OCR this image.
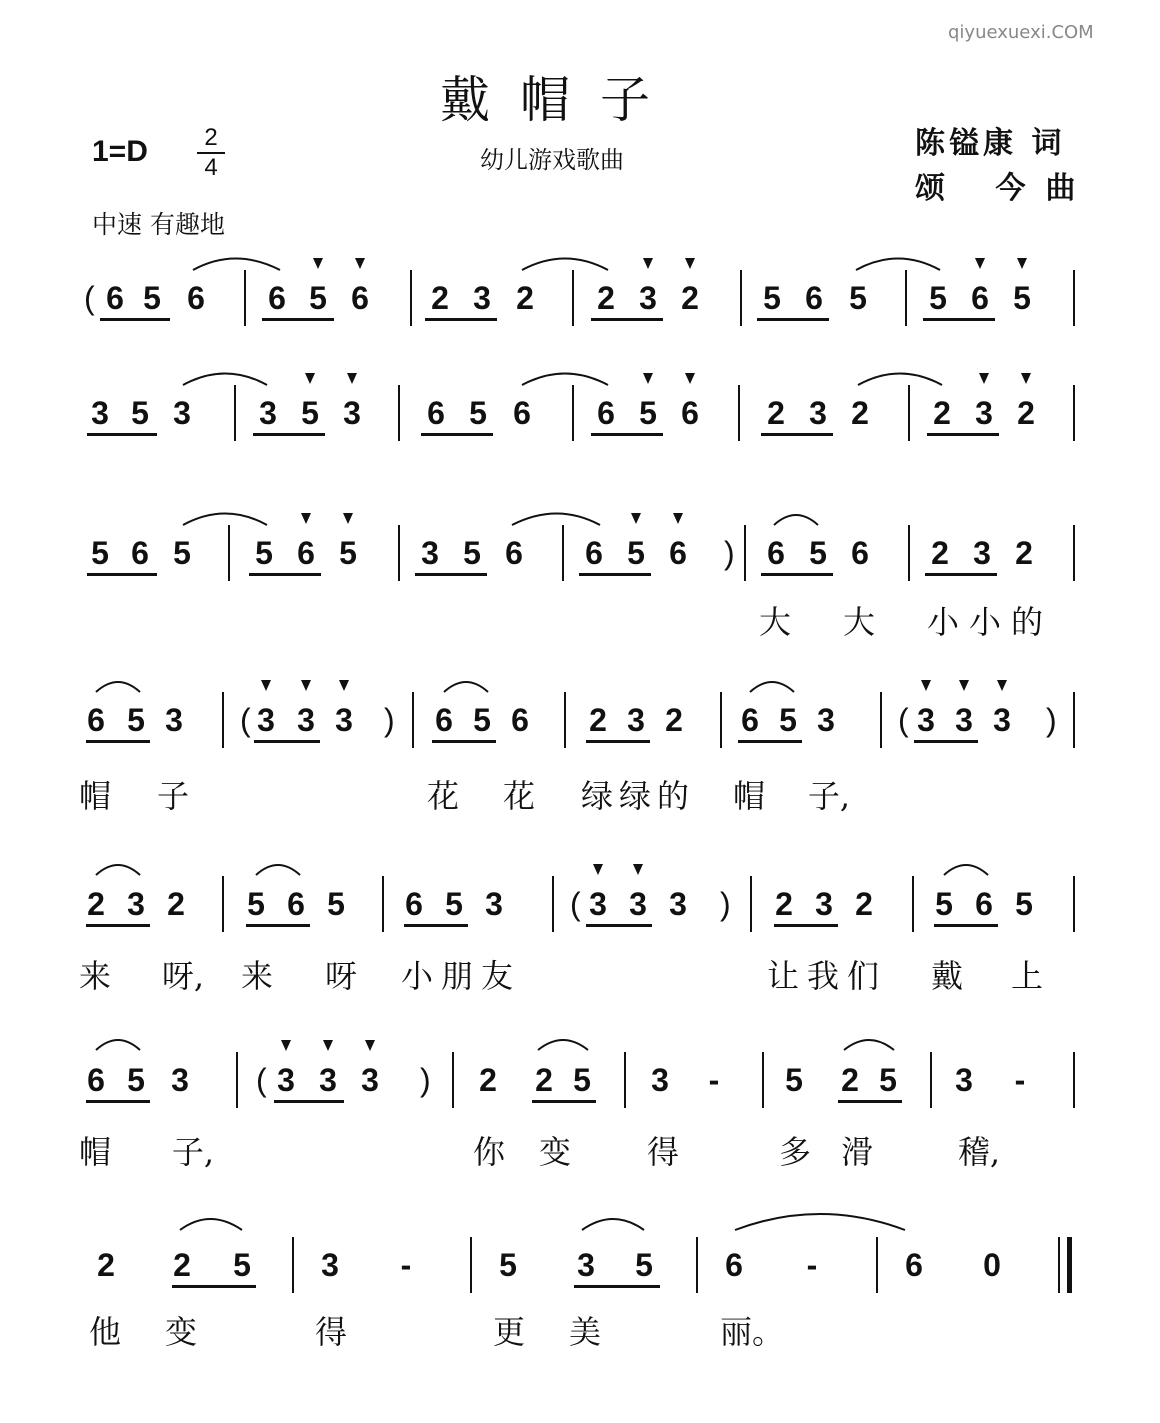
戴帽子
幼儿游戏歌曲	陈镒康 词
颂 今曲
1=D	2
4
中速 有趣地
qiyuexuexi.COM
( 6 5 6	6 5 6	2 3 2	2 3 2	5 6 5	5 6 5
3 5 3	3 5 3	6 5 6	6 5 6	2 3 2	2 3 2
5 6 5	5 6 5	3 5 6	6 5 6	)	6 5 6	2 3 2
大 大 小 小 的
6 5 3	( 3 3 3 )	6 5 6	2 3 2	6 5 3	( 3 3 3	)
帽 子	花 花 绿 绿 的 帽 子,
2 3 2	5 6 5	6 5 3	( 3 3 3	)	2 3 2	5 6 5
来 呀, 来 呀 小 朋 友	让 我 们 戴 上
6 5 3	( 3 3 3	)	2	2 5	3	-	5	2 5	3	-
帽 子,	你 变 得	多 滑	稽,
2	2	5	3	-	5	3	5	6	-	6	0
他 变	得	更 美	丽。
